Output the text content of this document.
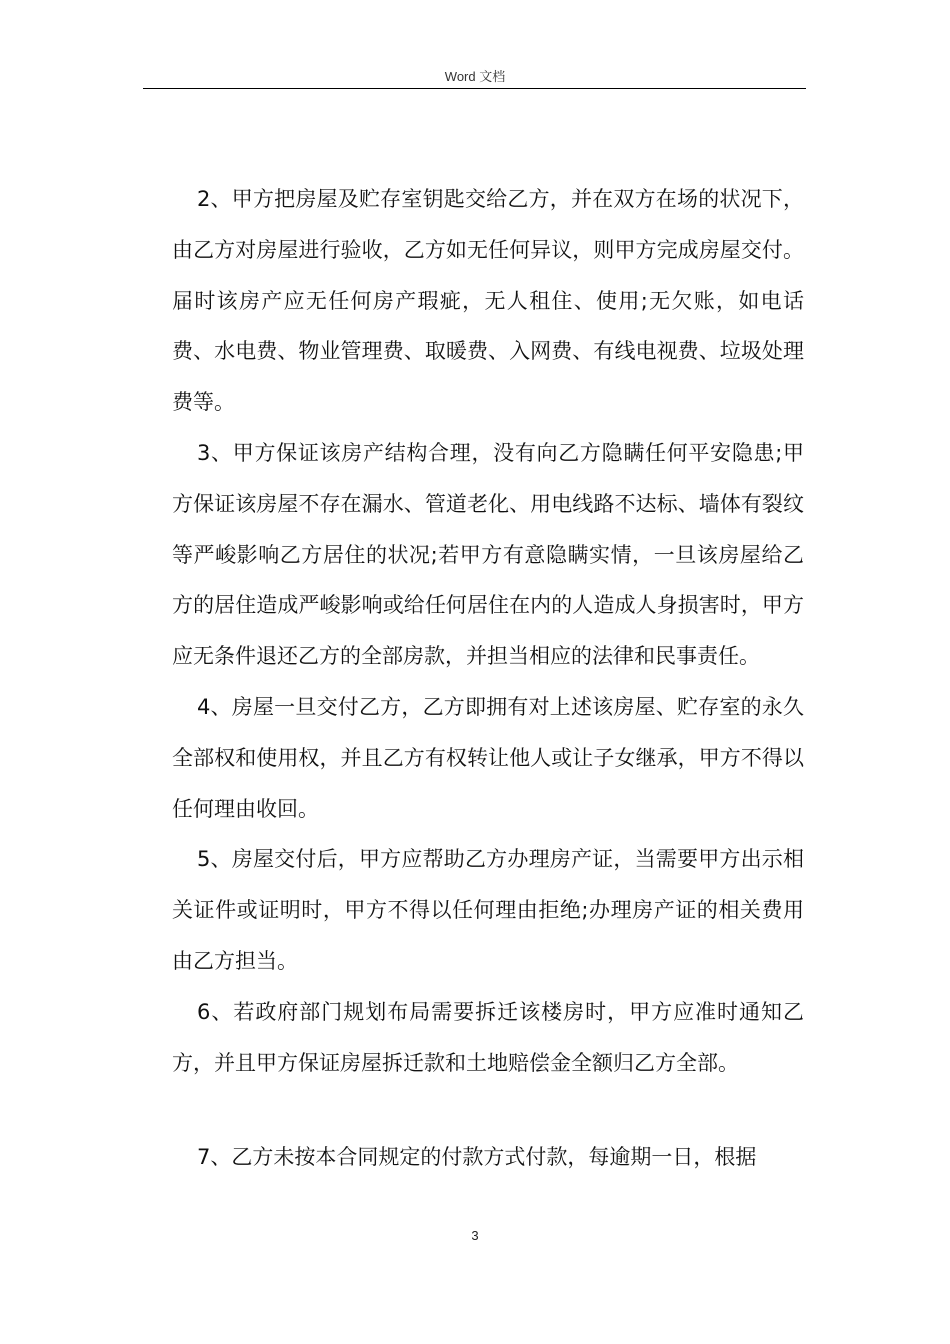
Word 文档

2、甲方把房屋及贮存室钥匙交给乙方，并在双方在场的状况下，由乙方对房屋进行验收，乙方如无任何异议，则甲方完成房屋交付。届时该房产应无任何房产瑕疵，无人租住、使用;无欠账，如电话费、水电费、物业管理费、取暖费、入网费、有线电视费、垃圾处理费等。

3、甲方保证该房产结构合理，没有向乙方隐瞒任何平安隐患;甲方保证该房屋不存在漏水、管道老化、用电线路不达标、墙体有裂纹等严峻影响乙方居住的状况;若甲方有意隐瞒实情，一旦该房屋给乙方的居住造成严峻影响或给任何居住在内的人造成人身损害时，甲方应无条件退还乙方的全部房款，并担当相应的法律和民事责任。

4、房屋一旦交付乙方，乙方即拥有对上述该房屋、贮存室的永久全部权和使用权，并且乙方有权转让他人或让子女继承，甲方不得以任何理由收回。

5、房屋交付后，甲方应帮助乙方办理房产证，当需要甲方出示相关证件或证明时，甲方不得以任何理由拒绝;办理房产证的相关费用由乙方担当。

6、若政府部门规划布局需要拆迁该楼房时，甲方应准时通知乙方，并且甲方保证房屋拆迁款和土地赔偿金全额归乙方全部。

7、乙方未按本合同规定的付款方式付款，每逾期一日，根据

3
